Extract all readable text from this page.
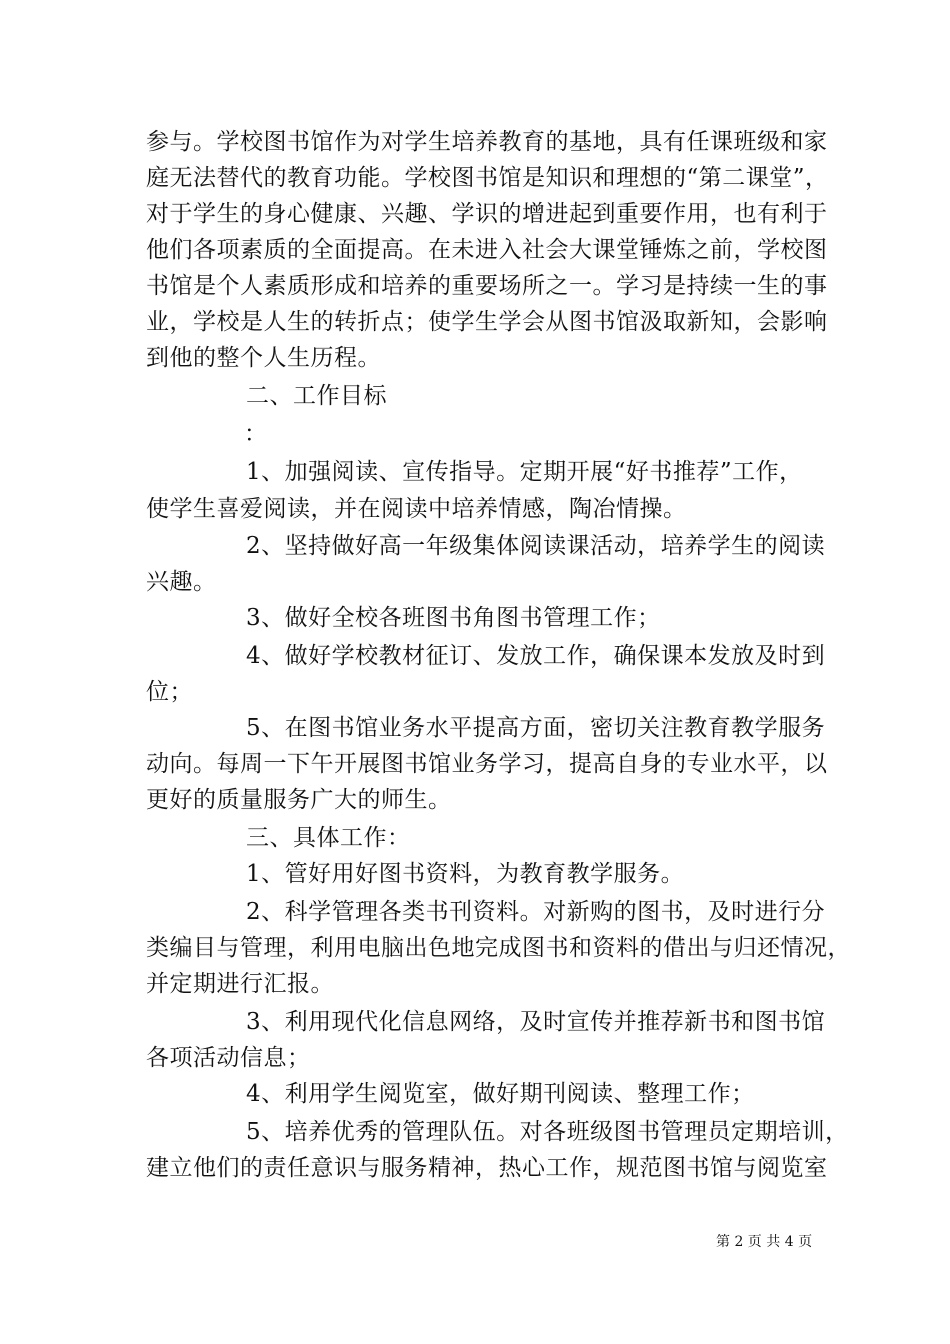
参与。学校图书馆作为对学生培养教育的基地，具有任课班级和家
庭无法替代的教育功能。学校图书馆是知识和理想的“第二课堂”，
对于学生的身心健康、兴趣、学识的增进起到重要作用，也有利于
他们各项素质的全面提高。在未进入社会大课堂锤炼之前，学校图
书馆是个人素质形成和培养的重要场所之一。学习是持续一生的事
业，学校是人生的转折点；使学生学会从图书馆汲取新知，会影响
到他的整个人生历程。
二、工作目标
：
1、加强阅读、宣传指导。定期开展“好书推荐”工作，
使学生喜爱阅读，并在阅读中培养情感，陶冶情操。
2、坚持做好高一年级集体阅读课活动，培养学生的阅读
兴趣。
3、做好全校各班图书角图书管理工作；
4、做好学校教材征订、发放工作，确保课本发放及时到
位；
5、在图书馆业务水平提高方面，密切关注教育教学服务
动向。每周一下午开展图书馆业务学习，提高自身的专业水平，以
更好的质量服务广大的师生。
三、具体工作：
1、管好用好图书资料，为教育教学服务。
2、科学管理各类书刊资料。对新购的图书，及时进行分
类编目与管理，利用电脑出色地完成图书和资料的借出与归还情况，
并定期进行汇报。
3、利用现代化信息网络，及时宣传并推荐新书和图书馆
各项活动信息；
4、利用学生阅览室，做好期刊阅读、整理工作；
5、培养优秀的管理队伍。对各班级图书管理员定期培训，
建立他们的责任意识与服务精神，热心工作，规范图书馆与阅览室
第 2 页 共 4 页
